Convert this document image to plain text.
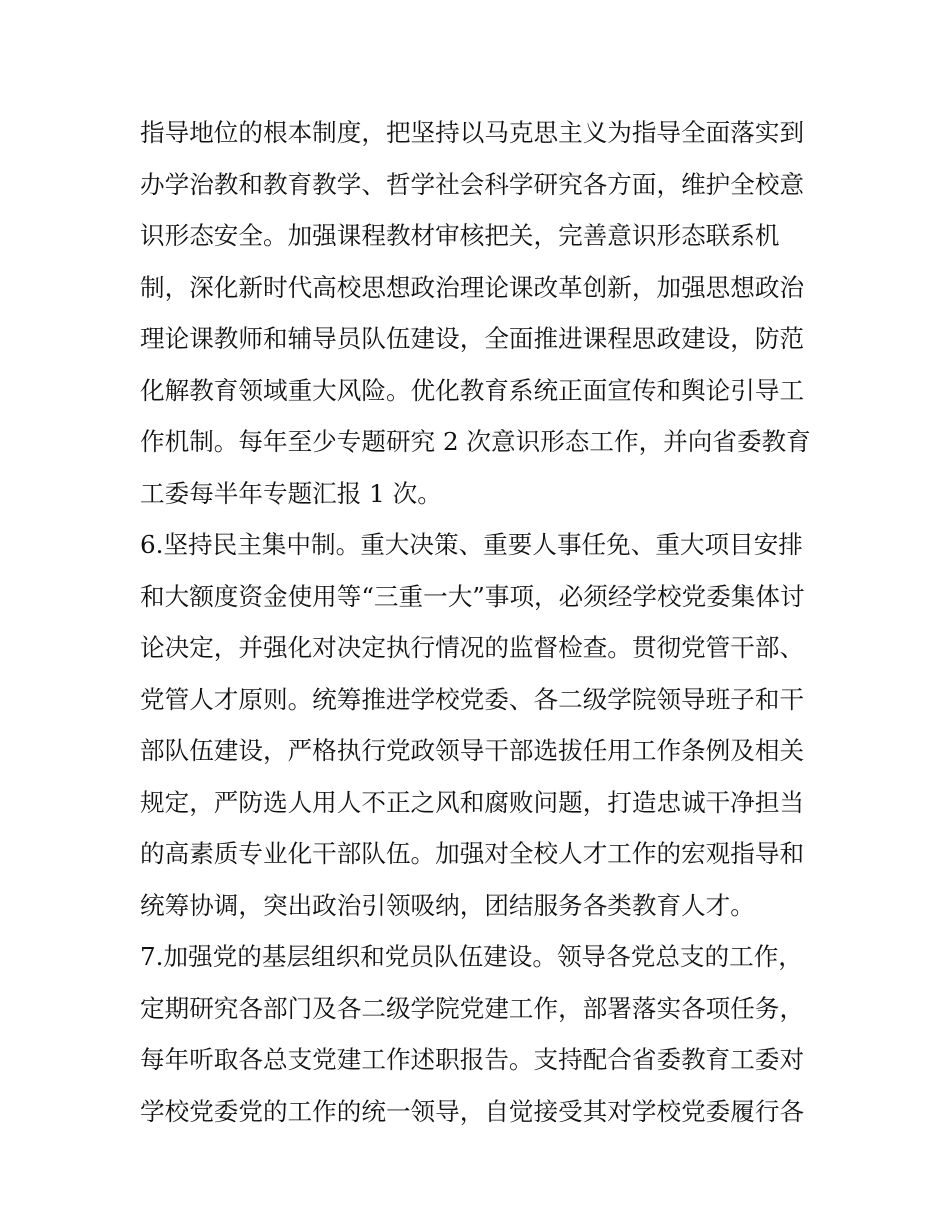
指导地位的根本制度，把坚持以马克思主义为指导全面落实到
办学治教和教育教学、哲学社会科学研究各方面，维护全校意
识形态安全。加强课程教材审核把关，完善意识形态联系机
制，深化新时代高校思想政治理论课改革创新，加强思想政治
理论课教师和辅导员队伍建设，全面推进课程思政建设，防范
化解教育领域重大风险。优化教育系统正面宣传和舆论引导工
作机制。每年至少专题研究 2 次意识形态工作，并向省委教育
工委每半年专题汇报 1 次。
6.坚持民主集中制。重大决策、重要人事任免、重大项目安排
和大额度资金使用等“三重一大”事项，必须经学校党委集体讨
论决定，并强化对决定执行情况的监督检查。贯彻党管干部、
党管人才原则。统筹推进学校党委、各二级学院领导班子和干
部队伍建设，严格执行党政领导干部选拔任用工作条例及相关
规定，严防选人用人不正之风和腐败问题，打造忠诚干净担当
的高素质专业化干部队伍。加强对全校人才工作的宏观指导和
统筹协调，突出政治引领吸纳，团结服务各类教育人才。
7.加强党的基层组织和党员队伍建设。领导各党总支的工作，
定期研究各部门及各二级学院党建工作，部署落实各项任务，
每年听取各总支党建工作述职报告。支持配合省委教育工委对
学校党委党的工作的统一领导，自觉接受其对学校党委履行各
